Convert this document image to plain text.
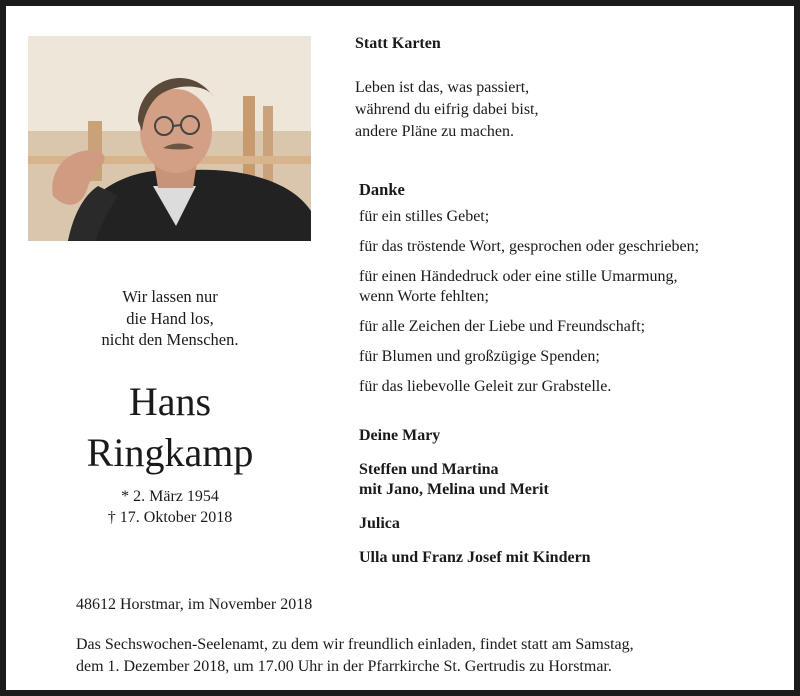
Wir lassen nur
die Hand los,
nicht den Menschen.
Hans
Ringkamp
* 2. März 1954
† 17. Oktober 2018
Statt Karten
Leben ist das, was passiert,
während du eifrig dabei bist,
andere Pläne zu machen.
Danke
für ein stilles Gebet;
für das tröstende Wort, gesprochen oder geschrieben;
für einen Händedruck oder eine stille Umarmung,
wenn Worte fehlten;
für alle Zeichen der Liebe und Freundschaft;
für Blumen und großzügige Spenden;
für das liebevolle Geleit zur Grabstelle.
Deine Mary
Steffen und Martina
mit Jano, Melina und Merit
Julica
Ulla und Franz Josef mit Kindern
48612 Horstmar, im November 2018
Das Sechswochen-Seelenamt, zu dem wir freundlich einladen, findet statt am Samstag,
dem 1. Dezember 2018, um 17.00 Uhr in der Pfarrkirche St. Gertrudis zu Horstmar.
